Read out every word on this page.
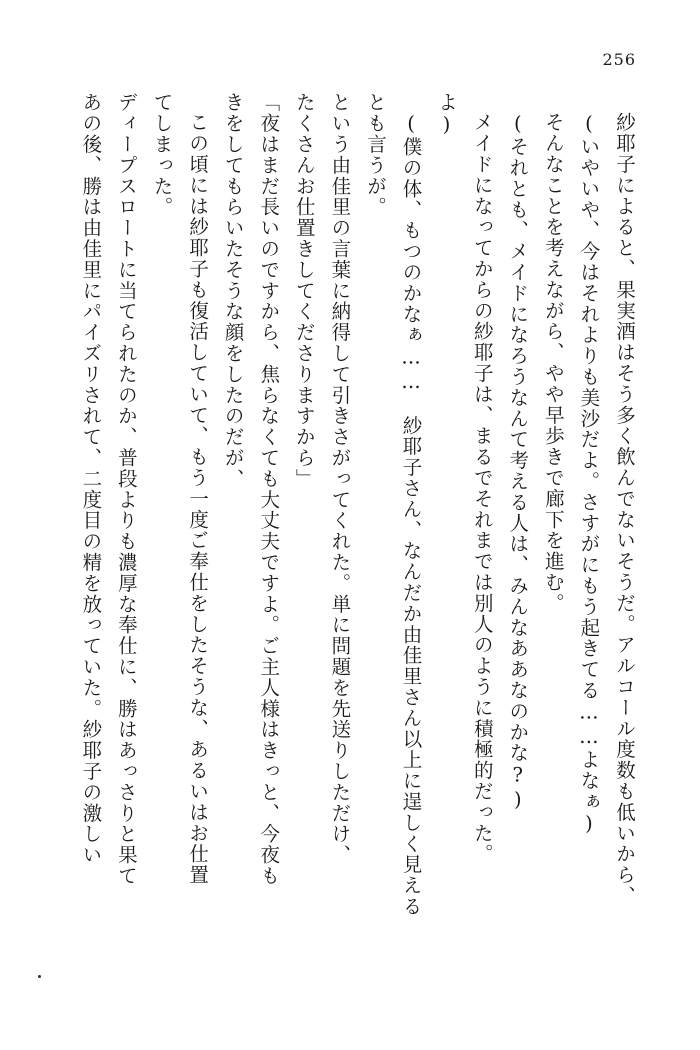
256
あの後、勝は由佳里にパイズリされて、二度目の精を放っていた。紗耶子の激しい ディープスロートに当てられたのか、普段よりも濃厚な奉仕に、勝はあっさりと果て てしまった。 この頃には紗耶子も復活していて、もう一度ご奉仕をしたそうな、あるいはお仕置 きをしてもらいたそうな顔をしたのだが、 「夜はまだ長いのですから、焦らなくても大丈夫ですよ。ご主人様はきっと、今夜も たくさんお仕置きしてくださりますから」 という由佳里の言葉に納得して引きさがってくれた。単に問題を先送りしただけ、 とも言うが。 (僕の体、もつのかなぁ……　紗耶子さん、なんだか由佳里さん以上に逞しく見える よ) メイドになってからの紗耶子は、まるでそれまでは別人のように積極的だった。 (それとも、メイドになろうなんて考える人は、みんなああなのかな?) そんなことを考えながら、やや早歩きで廊下を進む。 (いやいや、今はそれよりも美沙だよ。さすがにもう起きてる……よなぁ) 紗耶子によると、果実酒はそう多く飲んでないそうだ。アルコール度数も低いから、
